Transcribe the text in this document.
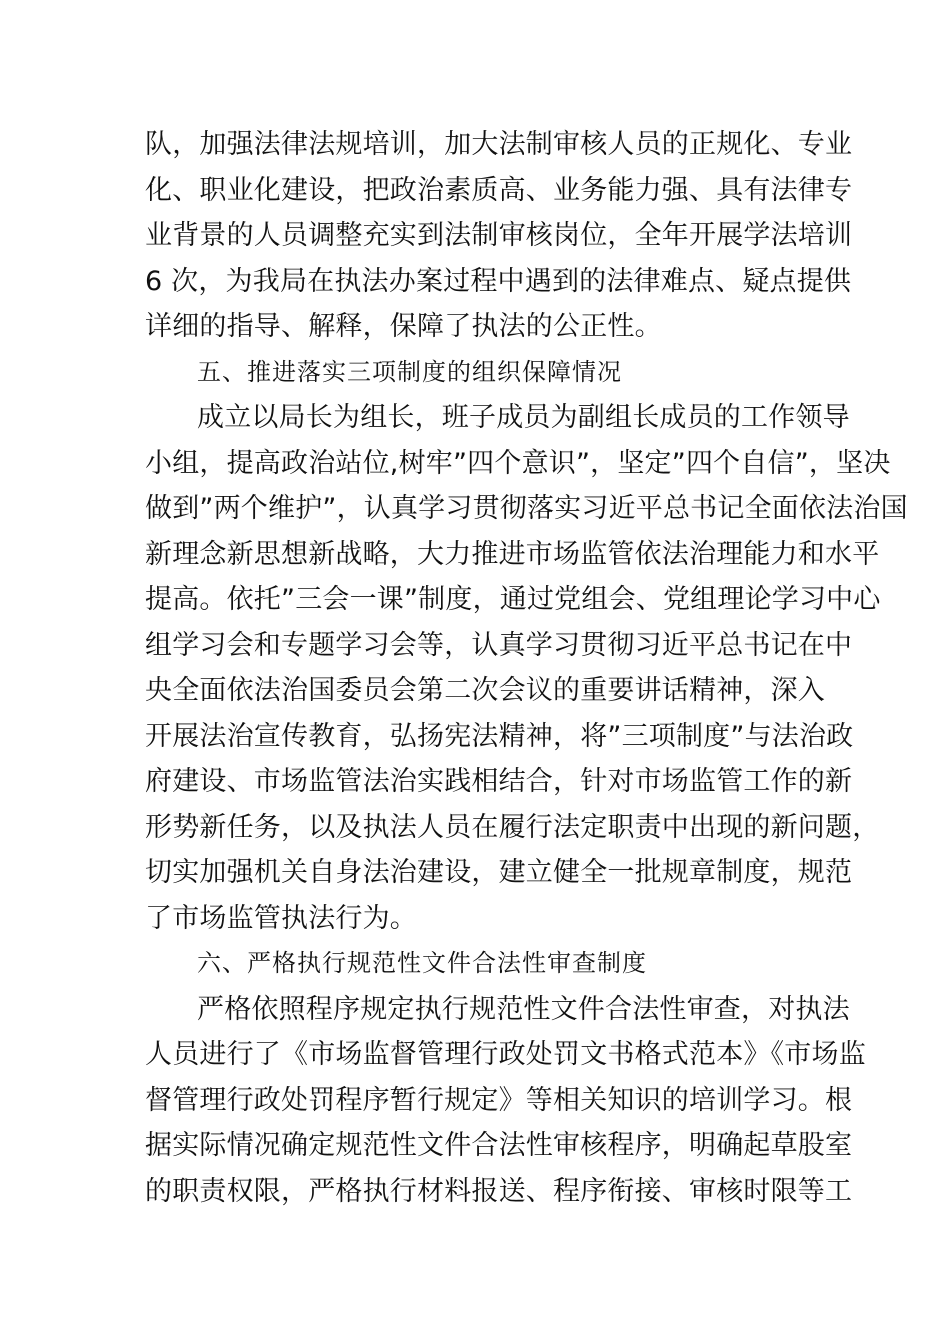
队，加强法律法规培训，加大法制审核人员的正规化、专业
化、职业化建设，把政治素质高、业务能力强、具有法律专
业背景的人员调整充实到法制审核岗位，全年开展学法培训
6 次，为我局在执法办案过程中遇到的法律难点、疑点提供
详细的指导、解释，保障了执法的公正性。

五、推进落实三项制度的组织保障情况

成立以局长为组长，班子成员为副组长成员的工作领导
小组，提高政治站位,树牢”四个意识”，坚定”四个自信”，坚决
做到”两个维护”，认真学习贯彻落实习近平总书记全面依法治国
新理念新思想新战略，大力推进市场监管依法治理能力和水平
提高。依托”三会一课”制度，通过党组会、党组理论学习中心
组学习会和专题学习会等，认真学习贯彻习近平总书记在中
央全面依法治国委员会第二次会议的重要讲话精神，深入
开展法治宣传教育，弘扬宪法精神，将”三项制度”与法治政
府建设、市场监管法治实践相结合，针对市场监管工作的新
形势新任务，以及执法人员在履行法定职责中出现的新问题，
切实加强机关自身法治建设，建立健全一批规章制度，规范
了市场监管执法行为。

六、严格执行规范性文件合法性审查制度

严格依照程序规定执行规范性文件合法性审查，对执法
人员进行了《市场监督管理行政处罚文书格式范本》《市场监
督管理行政处罚程序暂行规定》等相关知识的培训学习。根
据实际情况确定规范性文件合法性审核程序，明确起草股室
的职责权限，严格执行材料报送、程序衔接、审核时限等工
